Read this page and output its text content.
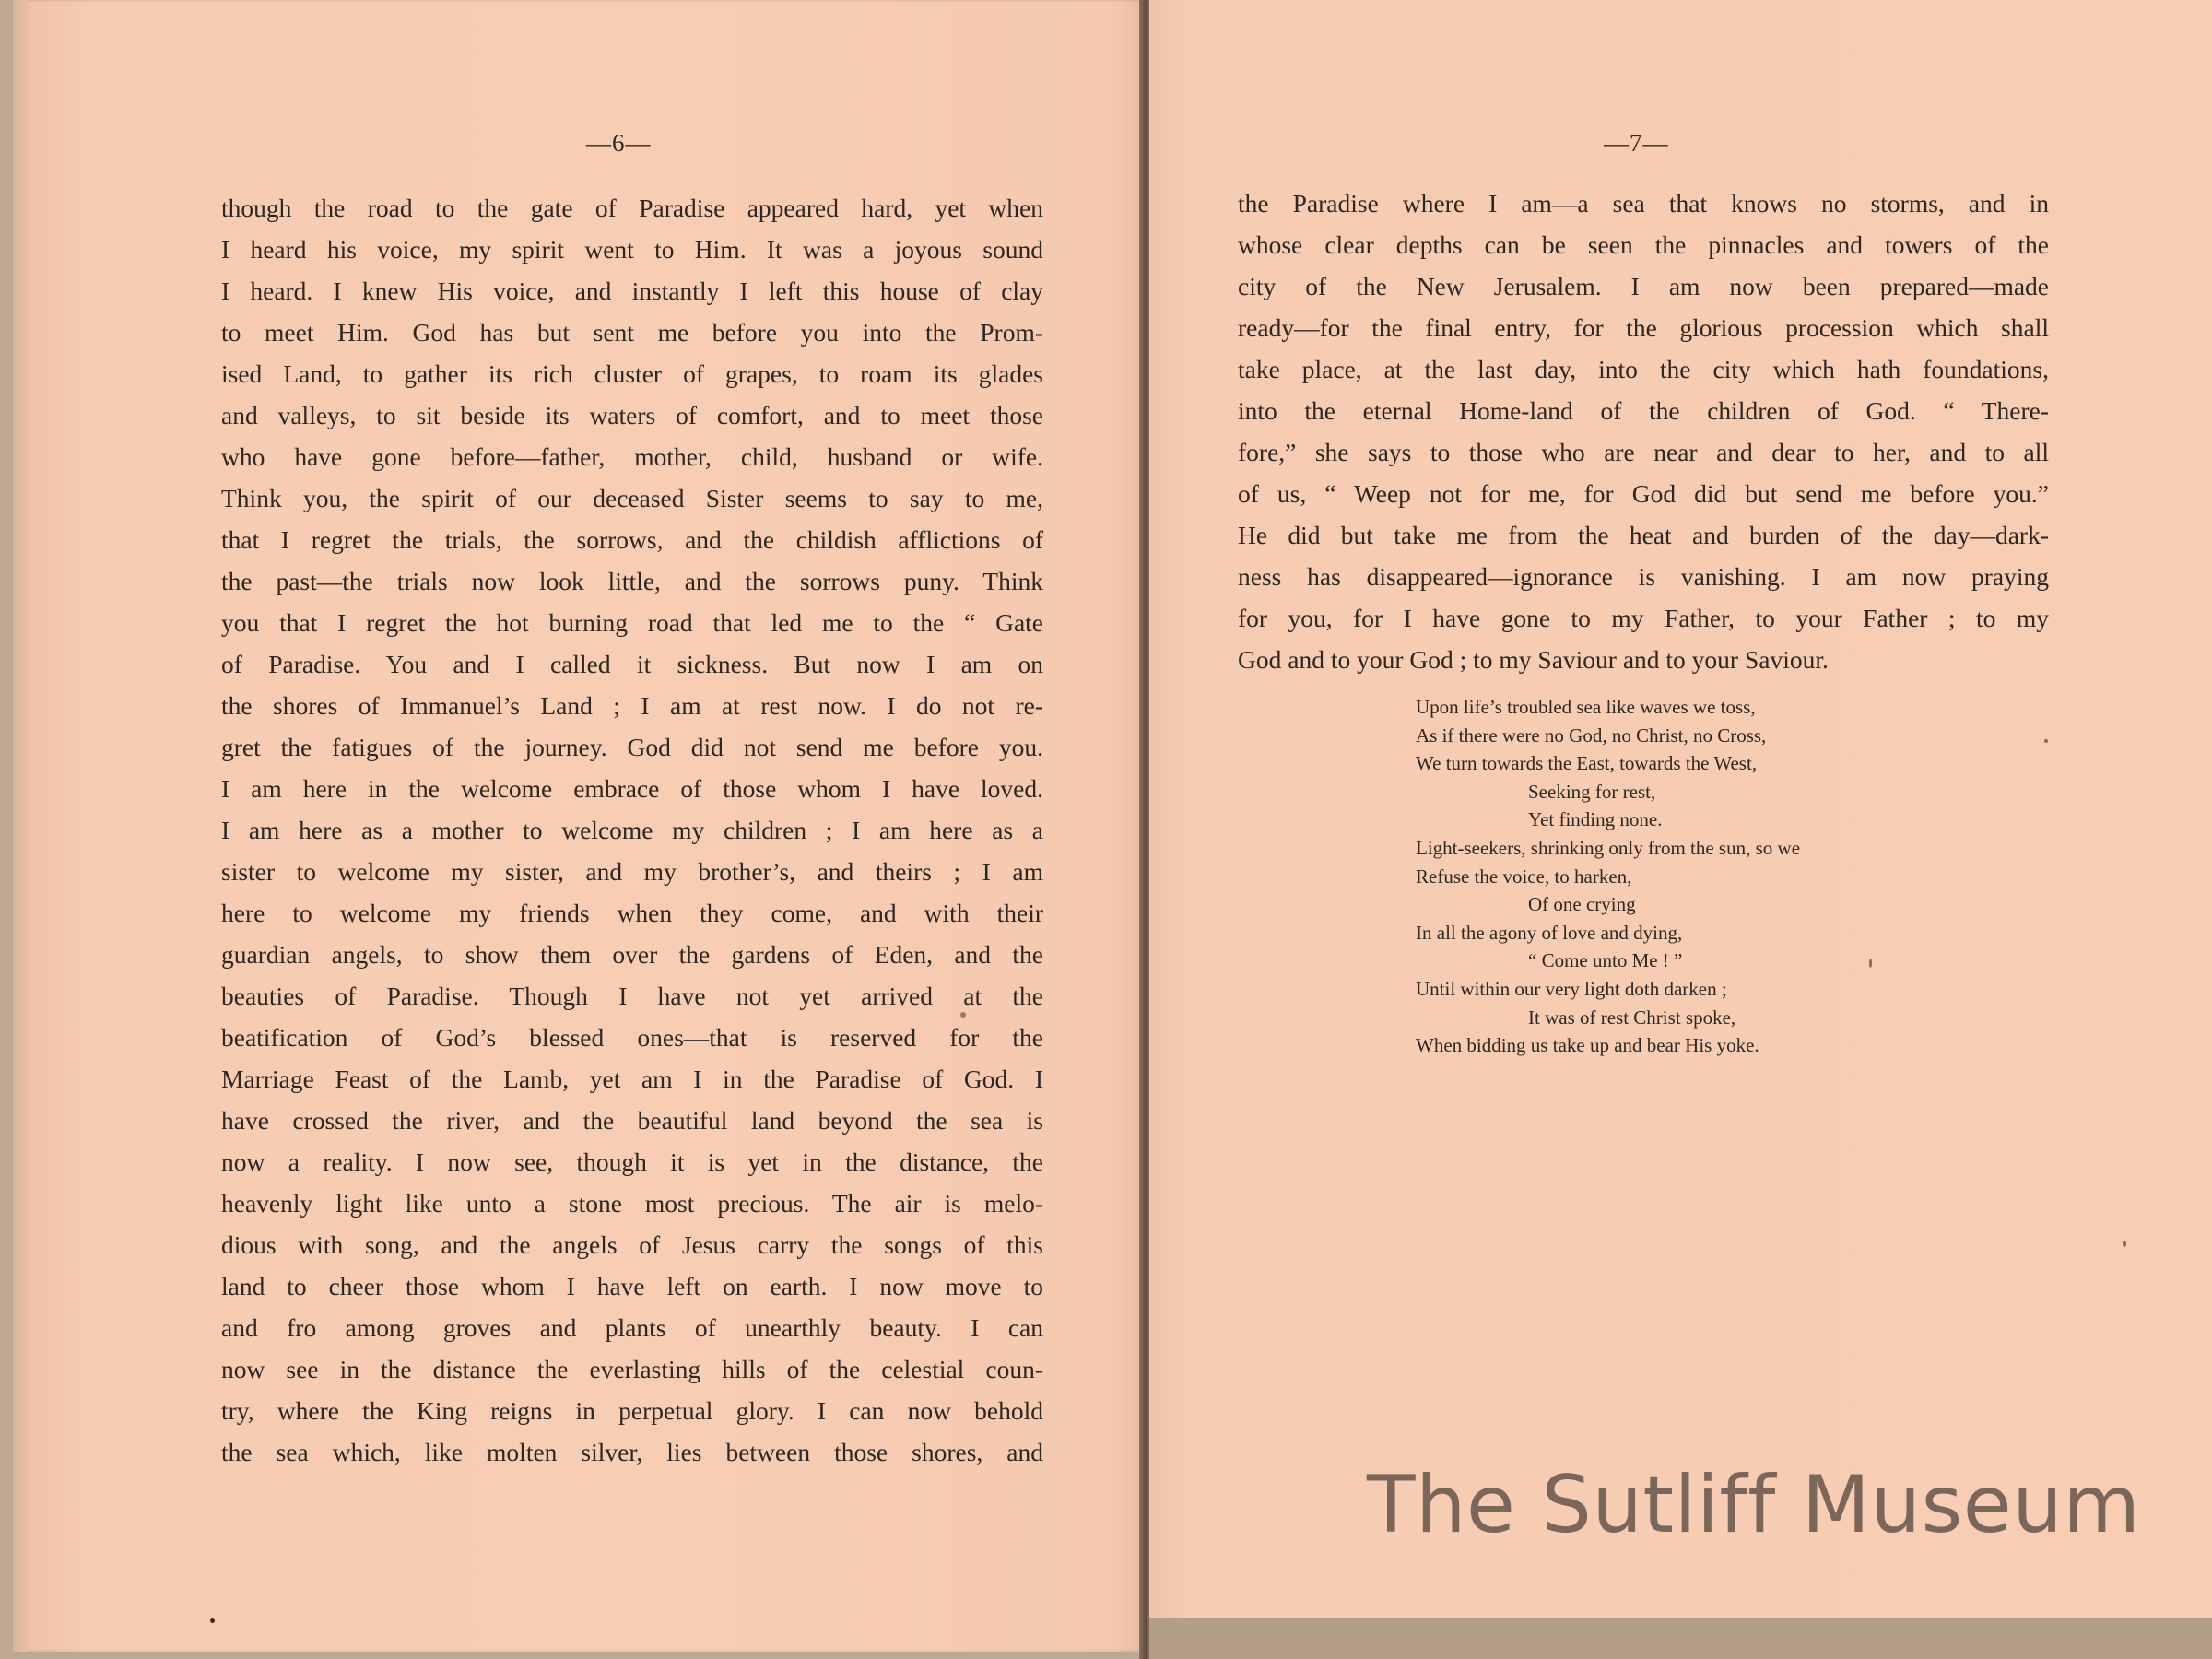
—6—	—7—
though the road to the gate of Paradise appeared hard, yet when
I heard his voice, my spirit went to Him. It was a joyous sound
I heard. I knew His voice, and instantly I left this house of clay
to meet Him. God has but sent me before you into the Prom-
ised Land, to gather its rich cluster of grapes, to roam its glades
and valleys, to sit beside its waters of comfort, and to meet those
who have gone before—father, mother, child, husband or wife.
Think you, the spirit of our deceased Sister seems to say to me,
that I regret the trials, the sorrows, and the childish afflictions of
the past—the trials now look little, and the sorrows puny. Think
you that I regret the hot burning road that led me to the “ Gate
of Paradise. You and I called it sickness. But now I am on
the shores of Immanuel’s Land ; I am at rest now. I do not re-
gret the fatigues of the journey. God did not send me before you.
I am here in the welcome embrace of those whom I have loved.
I am here as a mother to welcome my children ; I am here as a
sister to welcome my sister, and my brother’s, and theirs ; I am
here to welcome my friends when they come, and with their
guardian angels, to show them over the gardens of Eden, and the
beauties of Paradise. Though I have not yet arrived at the
beatification of God’s blessed ones—that is reserved for the
Marriage Feast of the Lamb, yet am I in the Paradise of God. I
have crossed the river, and the beautiful land beyond the sea is
now a reality. I now see, though it is yet in the distance, the
heavenly light like unto a stone most precious. The air is melo-
dious with song, and the angels of Jesus carry the songs of this
land to cheer those whom I have left on earth. I now move to
and fro among groves and plants of unearthly beauty. I can
now see in the distance the everlasting hills of the celestial coun-
try, where the King reigns in perpetual glory. I can now behold
the sea which, like molten silver, lies between those shores, and
the Paradise where I am—a sea that knows no storms, and in
whose clear depths can be seen the pinnacles and towers of the
city of the New Jerusalem. I am now been prepared—made
ready—for the final entry, for the glorious procession which shall
take place, at the last day, into the city which hath foundations,
into the eternal Home-land of the children of God. “ There-
fore,” she says to those who are near and dear to her, and to all
of us, “ Weep not for me, for God did but send me before you.”
He did but take me from the heat and burden of the day—dark-
ness has disappeared—ignorance is vanishing. I am now praying
for you, for I have gone to my Father, to your Father ; to my
God and to your God ; to my Saviour and to your Saviour.
Upon life’s troubled sea like waves we toss,
As if there were no God, no Christ, no Cross,
We turn towards the East, towards the West,
Seeking for rest,
Yet finding none.
Light-seekers, shrinking only from the sun, so we
Refuse the voice, to harken,
Of one crying
In all the agony of love and dying,
“ Come unto Me ! ”
Until within our very light doth darken ;
It was of rest Christ spoke,
When bidding us take up and bear His yoke.
The Sutliff Museum
